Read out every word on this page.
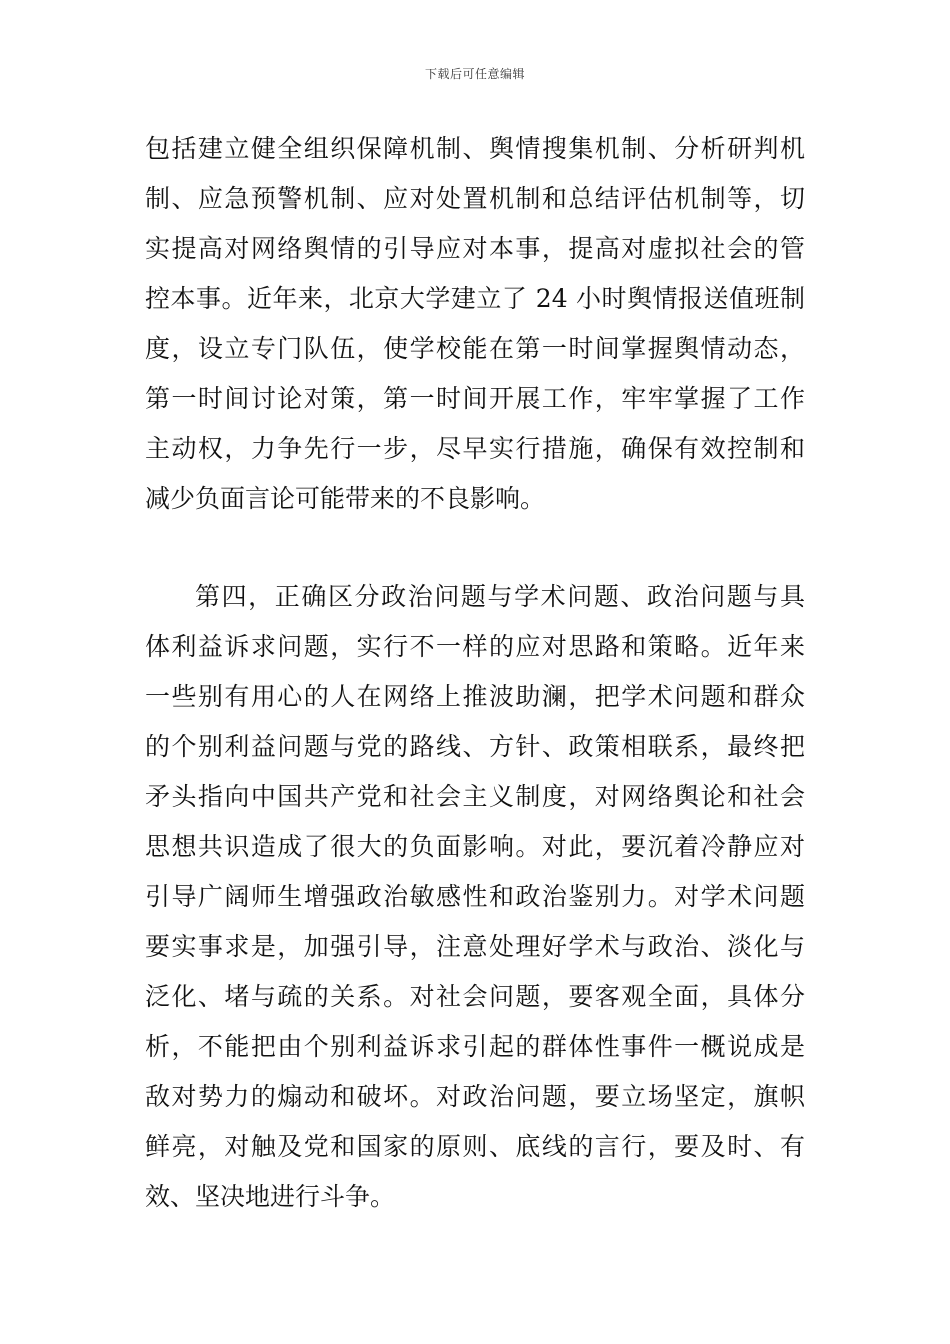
下载后可任意编辑
包括建立健全组织保障机制、舆情搜集机制、分析研判机
制、应急预警机制、应对处置机制和总结评估机制等，切
实提高对网络舆情的引导应对本事，提高对虚拟社会的管
控本事。近年来，北京大学建立了 24 小时舆情报送值班制
度，设立专门队伍，使学校能在第一时间掌握舆情动态，
第一时间讨论对策，第一时间开展工作，牢牢掌握了工作
主动权，力争先行一步，尽早实行措施，确保有效控制和
减少负面言论可能带来的不良影响。
第四，正确区分政治问题与学术问题、政治问题与具
体利益诉求问题，实行不一样的应对思路和策略。近年来
一些别有用心的人在网络上推波助澜，把学术问题和群众
的个别利益问题与党的路线、方针、政策相联系，最终把
矛头指向中国共产党和社会主义制度，对网络舆论和社会
思想共识造成了很大的负面影响。对此，要沉着冷静应对
引导广阔师生增强政治敏感性和政治鉴别力。对学术问题
要实事求是，加强引导，注意处理好学术与政治、淡化与
泛化、堵与疏的关系。对社会问题，要客观全面，具体分
析，不能把由个别利益诉求引起的群体性事件一概说成是
敌对势力的煽动和破坏。对政治问题，要立场坚定，旗帜
鲜亮，对触及党和国家的原则、底线的言行，要及时、有
效、坚决地进行斗争。
